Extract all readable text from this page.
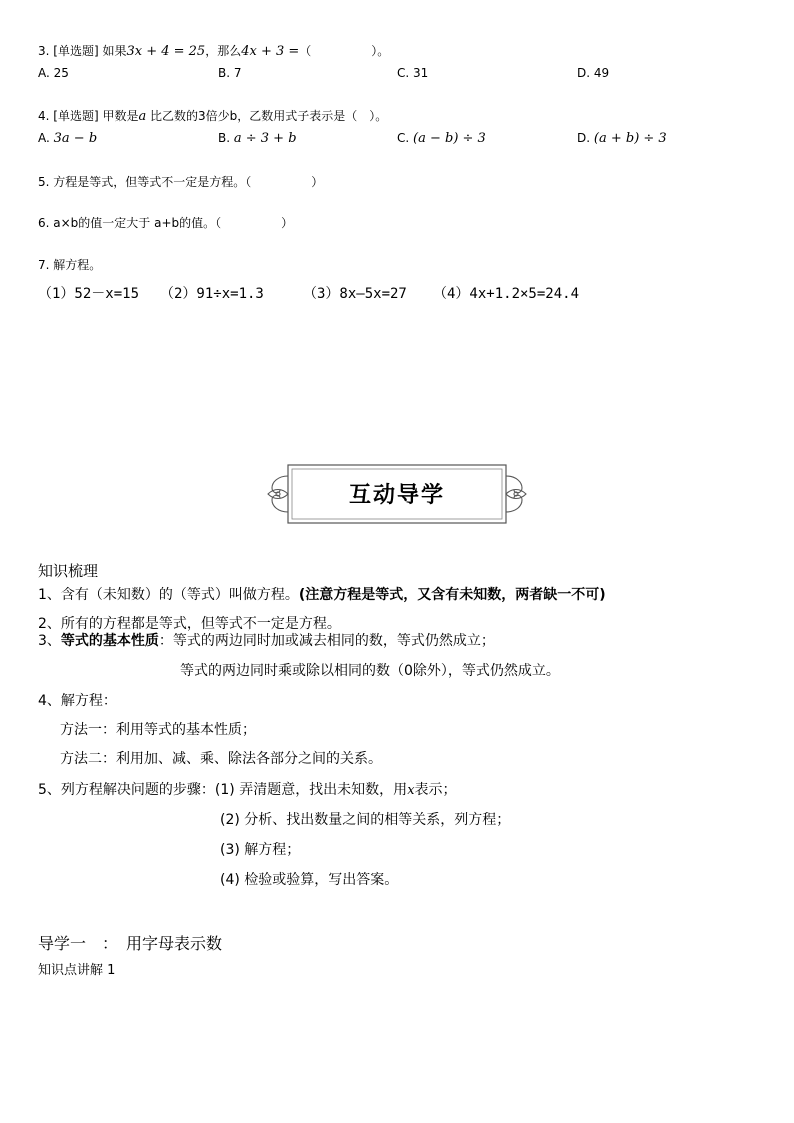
3. [单选题] 如果3x + 4 = 25，那么4x + 3 =（　　　　　）。
A. 25	B. 7	C. 31	D. 49
4. [单选题] 甲数是a 比乙数的3倍少b，乙数用式子表示是（　）。
A. 3a − b	B. a ÷ 3 + b	C. (a − b) ÷ 3	D. (a + b) ÷ 3
5. 方程是等式，但等式不一定是方程。（　　　　　）
6. a×b的值一定大于 a+b的值。（　　　　　）
7. 解方程。
（1）52－x=15 （2）91÷x=1.3	（3）8x—5x=27 （4）4x+1.2×5=24.4
互动导学
知识梳理
1、含有（未知数）的（等式）叫做方程。(注意方程是等式，又含有未知数，两者缺一不可)
2、所有的方程都是等式，但等式不一定是方程。
3、等式的基本性质：等式的两边同时加或减去相同的数，等式仍然成立；
等式的两边同时乘或除以相同的数（0除外），等式仍然成立。
4、解方程：
方法一：利用等式的基本性质；
方法二：利用加、减、乘、除法各部分之间的关系。
5、列方程解决问题的步骤：(1) 弄清题意，找出未知数，用x表示；
(2) 分析、找出数量之间的相等关系，列方程；
(3) 解方程；
(4) 检验或验算，写出答案。
导学一　：　用字母表示数
知识点讲解 1
